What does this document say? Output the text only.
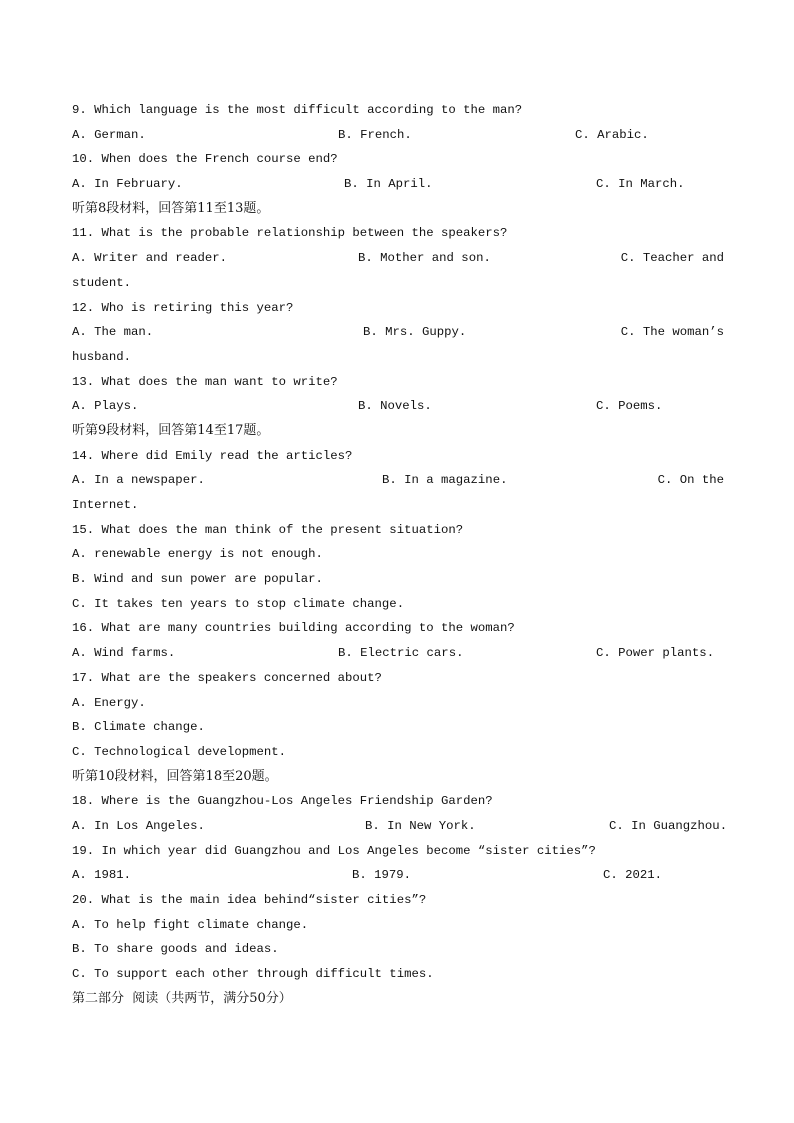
9. Which language is the most difficult according to the man?

A. German.

	B. French.

	C. Arabic.

10. When does the French course end?

A. In February.

	B. In April.

	C. In March.

听第8段材料，回答第11至13题。
11. What is the probable relationship between the speakers?

A. Writer and reader.

	B. Mother and son.

	C. Teacher and

student.
12. Who is retiring this year?

A. The man.

	B. Mrs. Guppy.

	C. The woman’s

husband.
13. What does the man want to write?

A. Plays.

	B. Novels.

	C. Poems.

听第9段材料，回答第14至17题。
14. Where did Emily read the articles?

A. In a newspaper.

	B. In a magazine.

	C. On the

Internet.
15. What does the man think of the present situation?
A. renewable energy is not enough.
B. Wind and sun power are popular.
C. It takes ten years to stop climate change.
16. What are many countries building according to the woman?

A. Wind farms.

	B. Electric cars.

	C. Power plants.

17. What are the speakers concerned about?
A. Energy.
B. Climate change.
C. Technological development.
听第10段材料，回答第18至20题。
18. Where is the Guangzhou-Los Angeles Friendship Garden?

A. In Los Angeles.

	B. In New York.

	C. In Guangzhou.

19. In which year did Guangzhou and Los Angeles become “sister cities”?

A. 1981.

	B. 1979.

	C. 2021.

20. What is the main idea behind“sister cities”?
A. To help fight climate change.
B. To share goods and ideas.
C. To support each other through difficult times.
第二部分  阅读（共两节，满分50分）
